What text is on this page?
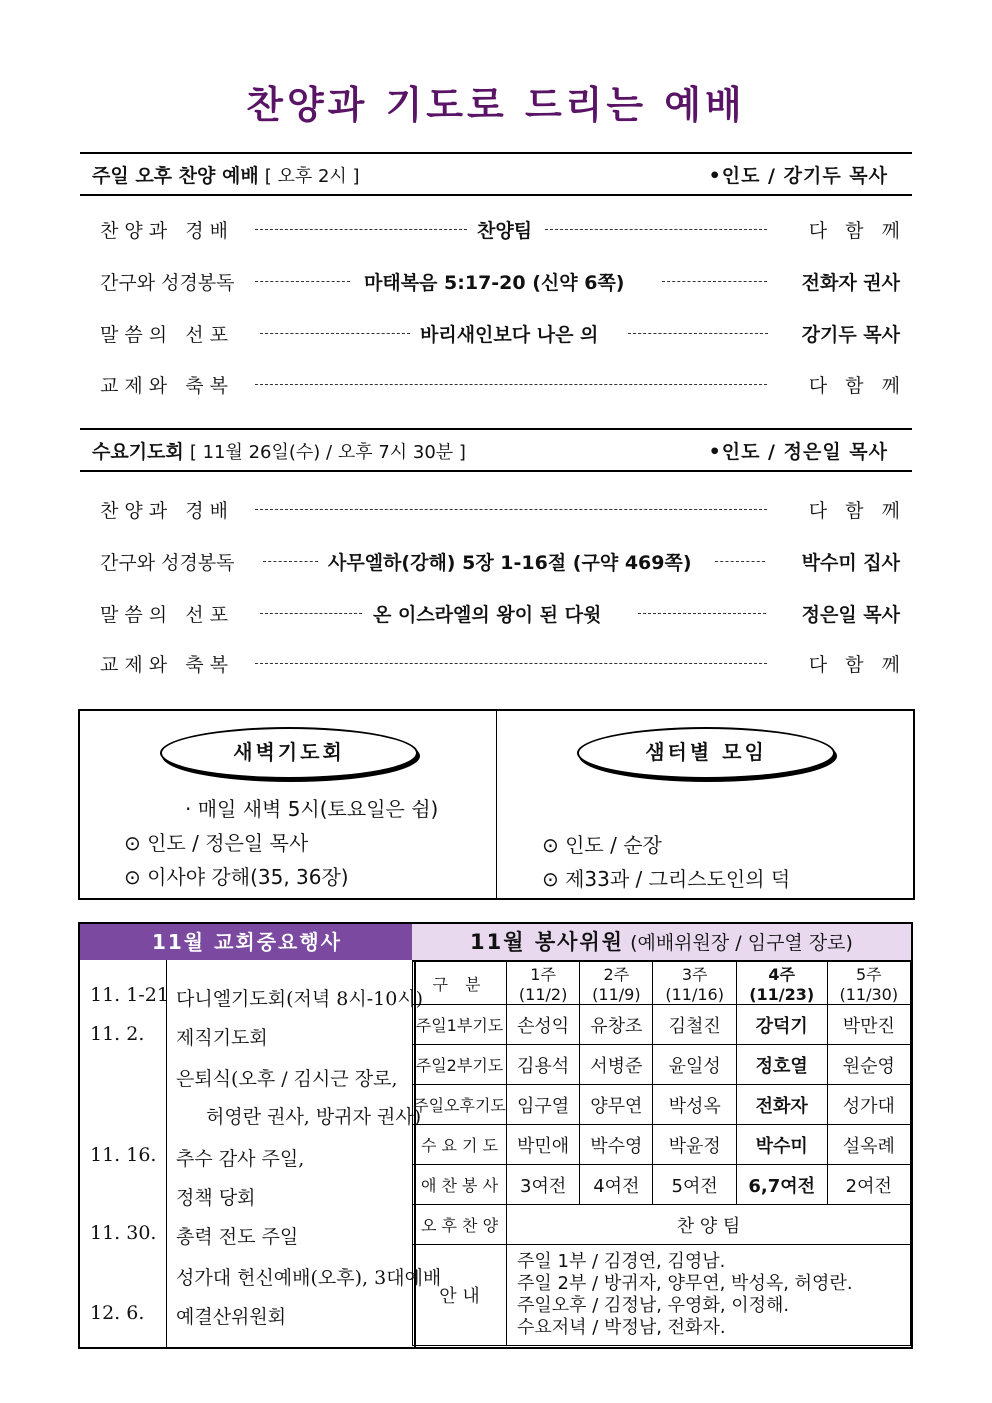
찬양과 기도로 드리는 예배
주일 오후 찬양 예배 [ 오후 2시 ]	•인도 / 강기두 목사
찬 양 과   경 배	찬양팀	다   함   께
간구와 성경봉독	마태복음 5:17-20 (신약 6쪽)	전화자 권사
말 씀 의   선 포	바리새인보다 나은 의	강기두 목사
교 제 와   축 복	다   함   께
수요기도회 [ 11월 26일(수) / 오후 7시 30분 ]	•인도 / 정은일 목사
찬 양 과   경 배	다   함   께
간구와 성경봉독	사무엘하(강해) 5장 1-16절 (구약 469쪽)	박수미 집사
말 씀 의   선 포	온 이스라엘의 왕이 된 다윗	정은일 목사
교 제 와   축 복	다   함   께
새벽기도회
· 매일 새벽 5시(토요일은 쉼)
⊙ 인도 / 정은일 목사
⊙ 이사야 강해(35, 36장)
샘터별 모임
⊙ 인도 / 순장
⊙ 제33과 / 그리스도인의 덕
11월 교회중요행사
11. 1-21 다니엘기도회(저녁 8시-10시)
11. 2. 제직기도회
은퇴식(오후 / 김시근 장로,
허영란 권사, 방귀자 권사)
11. 16. 추수 감사 주일,
정책 당회
11. 30. 총력 전도 주일
성가대 헌신예배(오후), 3대예배
12. 6. 예결산위원회
11월 봉사위원 (예배위원장 / 임구열 장로)
구 분	1주(11/2)	2주(11/9)	3주(11/16)	4주(11/23)	5주(11/30)
주일1부기도	손성익	유창조	김철진	강덕기	박만진
주일2부기도	김용석	서병준	윤일성	정호열	원순영
주일오후기도	임구열	양무연	박성옥	전화자	성가대
수 요 기 도	박민애	박수영	박윤정	박수미	설옥례
애 찬 봉 사	3여전	4여전	5여전	6,7여전	2여전
오 후 찬 양	찬 양 팀				
안 내	주일 1부 / 김경연, 김영남.
주일 2부 / 방귀자, 양무연, 박성옥, 허영란.
주일오후 / 김정남, 우영화, 이정해.
수요저녁 / 박정남, 전화자.				
